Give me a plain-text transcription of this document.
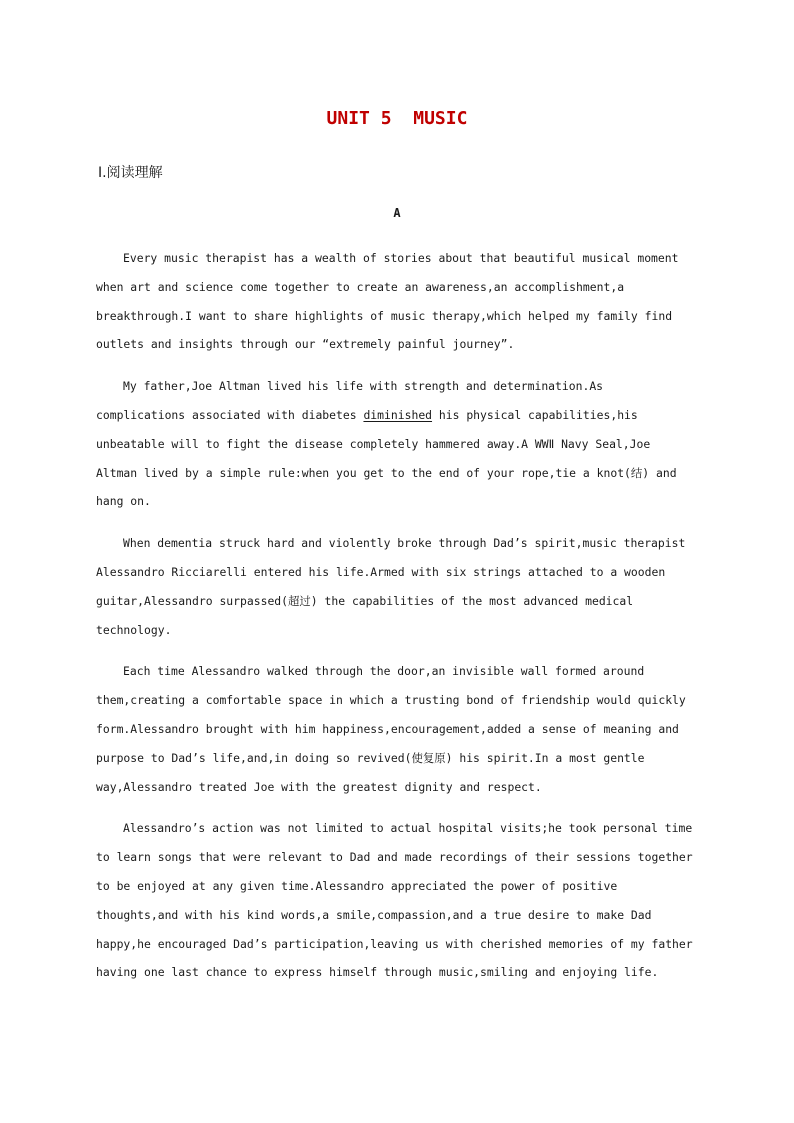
UNIT 5  MUSIC
Ⅰ.阅读理解
A

Every music therapist has a wealth of stories about that beautiful musical moment when art and science come together to create an awareness,an accomplishment,a breakthrough.I want to share highlights of music therapy,which helped my family find outlets and insights through our “extremely painful journey”.

My father,Joe Altman lived his life with strength and determination.As complications associated with diabetes diminished his physical capabilities,his unbeatable will to fight the disease completely hammered away.A WWⅡ Navy Seal,Joe Altman lived by a simple rule:when you get to the end of your rope,tie a knot(结) and hang on.

When dementia struck hard and violently broke through Dad’s spirit,music therapist Alessandro Ricciarelli entered his life.Armed with six strings attached to a wooden guitar,Alessandro surpassed(超过) the capabilities of the most advanced medical technology.

Each time Alessandro walked through the door,an invisible wall formed around them,creating a comfortable space in which a trusting bond of friendship would quickly form.Alessandro brought with him happiness,encouragement,added a sense of meaning and purpose to Dad’s life,and,in doing so revived(使复原) his spirit.In a most gentle way,Alessandro treated Joe with the greatest dignity and respect.

Alessandro’s action was not limited to actual hospital visits;he took personal time to learn songs that were relevant to Dad and made recordings of their sessions together to be enjoyed at any given time.Alessandro appreciated the power of positive thoughts,and with his kind words,a smile,compassion,and a true desire to make Dad happy,he encouraged Dad’s participation,leaving us with cherished memories of my father having one last chance to express himself through music,smiling and enjoying life.
